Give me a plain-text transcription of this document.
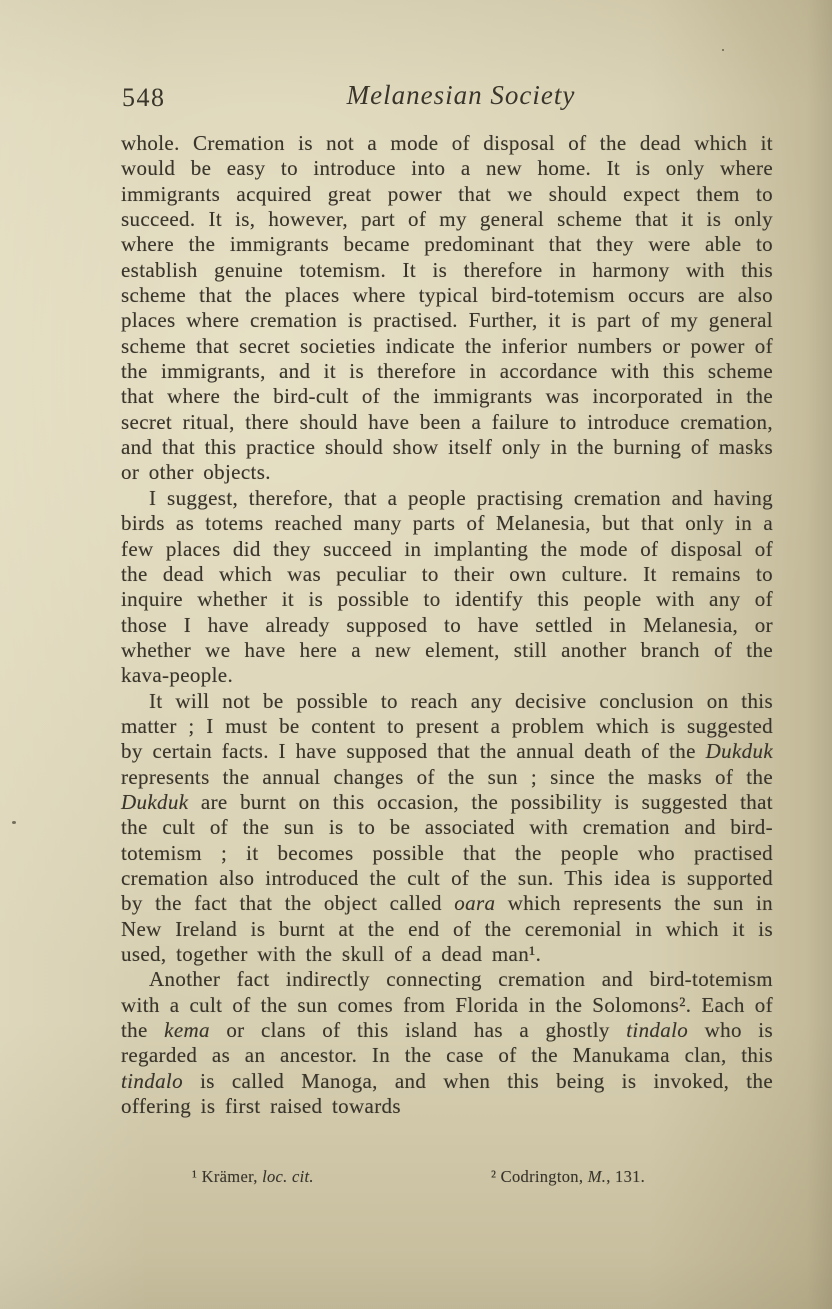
548	Melanesian Society

whole. Cremation is not a mode of disposal of the dead which it would be easy to introduce into a new home. It is only where immigrants acquired great power that we should expect them to succeed. It is, however, part of my general scheme that it is only where the immigrants became predominant that they were able to establish genuine totemism. It is therefore in harmony with this scheme that the places where typical bird-totemism occurs are also places where cremation is practised. Further, it is part of my general scheme that secret societies indicate the inferior numbers or power of the immigrants, and it is therefore in accordance with this scheme that where the bird-cult of the immigrants was incorporated in the secret ritual, there should have been a failure to introduce cremation, and that this practice should show itself only in the burning of masks or other objects.

I suggest, therefore, that a people practising cremation and having birds as totems reached many parts of Melanesia, but that only in a few places did they succeed in implanting the mode of disposal of the dead which was peculiar to their own culture. It remains to inquire whether it is possible to identify this people with any of those I have already supposed to have settled in Melanesia, or whether we have here a new element, still another branch of the kava-people.

It will not be possible to reach any decisive conclusion on this matter ; I must be content to present a problem which is suggested by certain facts. I have supposed that the annual death of the Dukduk represents the annual changes of the sun ; since the masks of the Dukduk are burnt on this occasion, the possibility is suggested that the cult of the sun is to be associated with cremation and bird-totemism ; it becomes possible that the people who practised cremation also introduced the cult of the sun. This idea is supported by the fact that the object called oara which represents the sun in New Ireland is burnt at the end of the ceremonial in which it is used, together with the skull of a dead man¹.

Another fact indirectly connecting cremation and bird-totemism with a cult of the sun comes from Florida in the Solomons². Each of the kema or clans of this island has a ghostly tindalo who is regarded as an ancestor. In the case of the Manukama clan, this tindalo is called Manoga, and when this being is invoked, the offering is first raised towards

¹ Krämer, loc. cit.	² Codrington, M., 131.
